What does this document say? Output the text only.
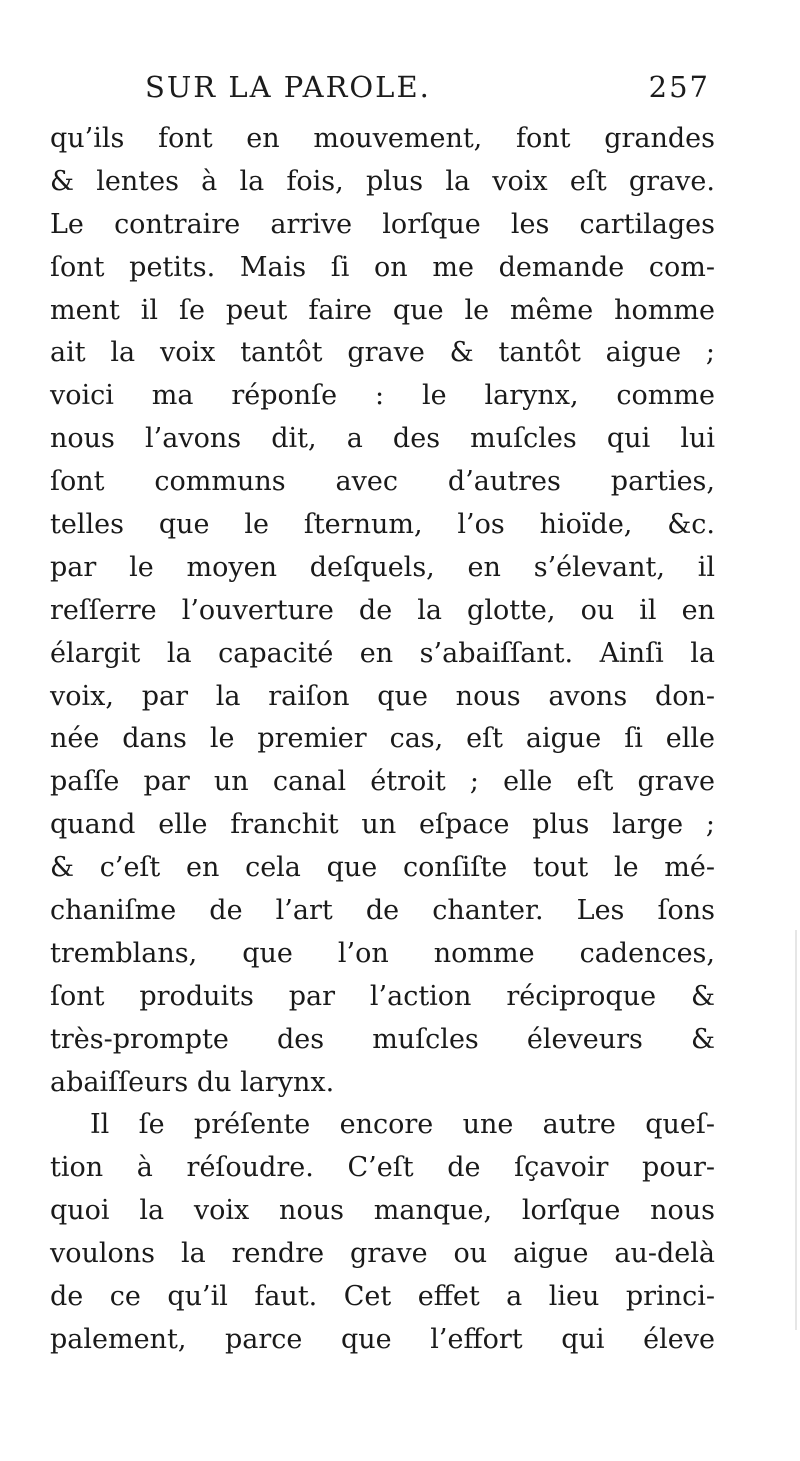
SUR LA PAROLE.	257
qu’ils font en mouvement, font grandes
& lentes à la fois, plus la voix eſt grave.
Le contraire arrive lorſque les cartilages
ſont petits. Mais ſi on me demande com-
ment il ſe peut faire que le même homme
ait la voix tantôt grave & tantôt aigue ;
voici ma réponſe : le larynx, comme
nous l’avons dit, a des muſcles qui lui
ſont communs avec d’autres parties,
telles que le ſternum, l’os hioïde, &c.
par le moyen deſquels, en s’élevant, il
reſſerre l’ouverture de la glotte, ou il en
élargit la capacité en s’abaiſſant. Ainſi la
voix, par la raiſon que nous avons don-
née dans le premier cas, eſt aigue ſi elle
paſſe par un canal étroit ; elle eſt grave
quand elle franchit un eſpace plus large ;
& c’eſt en cela que conſiſte tout le mé-
chaniſme de l’art de chanter. Les ſons
tremblans, que l’on nomme cadences,
ſont produits par l’action réciproque &
très-prompte des muſcles éleveurs &
abaiſſeurs du larynx.
Il ſe préſente encore une autre queſ-
tion à réſoudre. C’eſt de ſçavoir pour-
quoi la voix nous manque, lorſque nous
voulons la rendre grave ou aigue au-delà
de ce qu’il faut. Cet effet a lieu princi-
palement, parce que l’effort qui éleve
